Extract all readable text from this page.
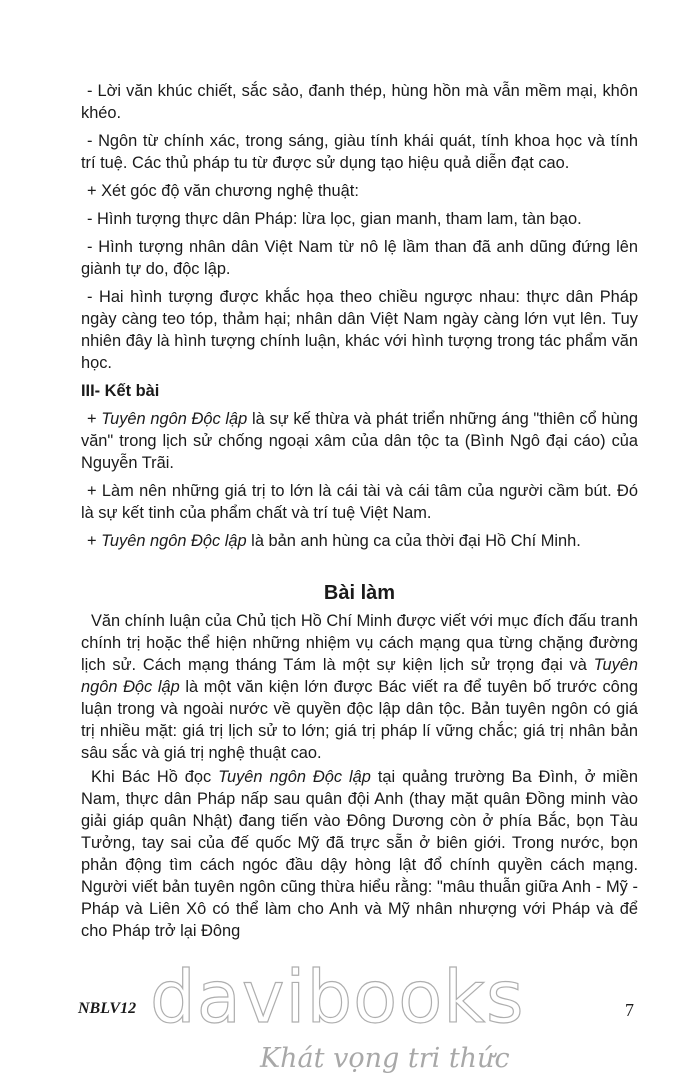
- Lời văn khúc chiết, sắc sảo, đanh thép, hùng hồn mà vẫn mềm mại, khôn khéo.

- Ngôn từ chính xác, trong sáng, giàu tính khái quát, tính khoa học và tính trí tuệ. Các thủ pháp tu từ được sử dụng tạo hiệu quả diễn đạt cao.

+ Xét góc độ văn chương nghệ thuật:

- Hình tượng thực dân Pháp: lừa lọc, gian manh, tham lam, tàn bạo.

- Hình tượng nhân dân Việt Nam từ nô lệ lầm than đã anh dũng đứng lên giành tự do, độc lập.

- Hai hình tượng được khắc họa theo chiều ngược nhau: thực dân Pháp ngày càng teo tóp, thảm hại; nhân dân Việt Nam ngày càng lớn vụt lên. Tuy nhiên đây là hình tượng chính luận, khác với hình tượng trong tác phẩm văn học.

III- Kết bài

+ Tuyên ngôn Độc lập là sự kế thừa và phát triển những áng "thiên cổ hùng văn" trong lịch sử chống ngoại xâm của dân tộc ta (Bình Ngô đại cáo) của Nguyễn Trãi.

+ Làm nên những giá trị to lớn là cái tài và cái tâm của người cầm bút. Đó là sự kết tinh của phẩm chất và trí tuệ Việt Nam.

+ Tuyên ngôn Độc lập là bản anh hùng ca của thời đại Hồ Chí Minh.

Bài làm

Văn chính luận của Chủ tịch Hồ Chí Minh được viết với mục đích đấu tranh chính trị hoặc thể hiện những nhiệm vụ cách mạng qua từng chặng đường lịch sử. Cách mạng tháng Tám là một sự kiện lịch sử trọng đại và Tuyên ngôn Độc lập là một văn kiện lớn được Bác viết ra để tuyên bố trước công luận trong và ngoài nước về quyền độc lập dân tộc. Bản tuyên ngôn có giá trị nhiều mặt: giá trị lịch sử to lớn; giá trị pháp lí vững chắc; giá trị nhân bản sâu sắc và giá trị nghệ thuật cao.

Khi Bác Hồ đọc Tuyên ngôn Độc lập tại quảng trường Ba Đình, ở miền Nam, thực dân Pháp nấp sau quân đội Anh (thay mặt quân Đồng minh vào giải giáp quân Nhật) đang tiến vào Đông Dương còn ở phía Bắc, bọn Tàu Tưởng, tay sai của đế quốc Mỹ đã trực sẵn ở biên giới. Trong nước, bọn phản động tìm cách ngóc đầu dậy hòng lật đổ chính quyền cách mạng. Người viết bản tuyên ngôn cũng thừa hiểu rằng: "mâu thuẫn giữa Anh - Mỹ - Pháp và Liên Xô có thể làm cho Anh và Mỹ nhân nhượng với Pháp và để cho Pháp trở lại Đông

davibooks
Khát vọng tri thức
NBLV12	7
